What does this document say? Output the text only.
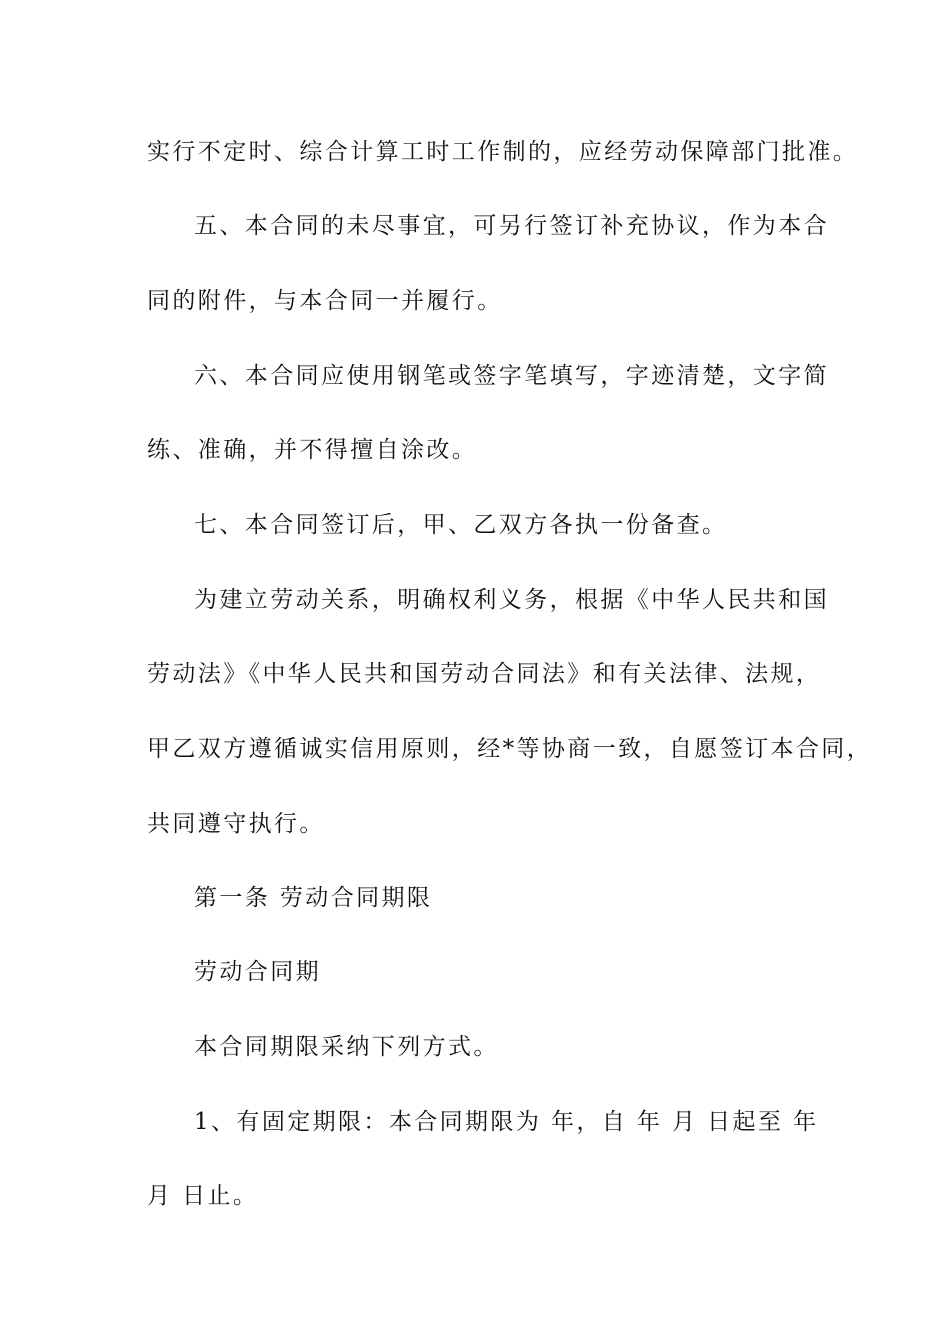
实行不定时、综合计算工时工作制的，应经劳动保障部门批准。
五、本合同的未尽事宜，可另行签订补充协议，作为本合
同的附件，与本合同一并履行。
六、本合同应使用钢笔或签字笔填写，字迹清楚，文字简
练、准确，并不得擅自涂改。
七、本合同签订后，甲、乙双方各执一份备查。
为建立劳动关系，明确权利义务，根据《中华人民共和国
劳动法》《中华人民共和国劳动合同法》和有关法律、法规，
甲乙双方遵循诚实信用原则，经*等协商一致，自愿签订本合同，
共同遵守执行。
第一条 劳动合同期限
劳动合同期
本合同期限采纳下列方式。
1、有固定期限：本合同期限为 年，自 年 月 日起至 年
月 日止。
